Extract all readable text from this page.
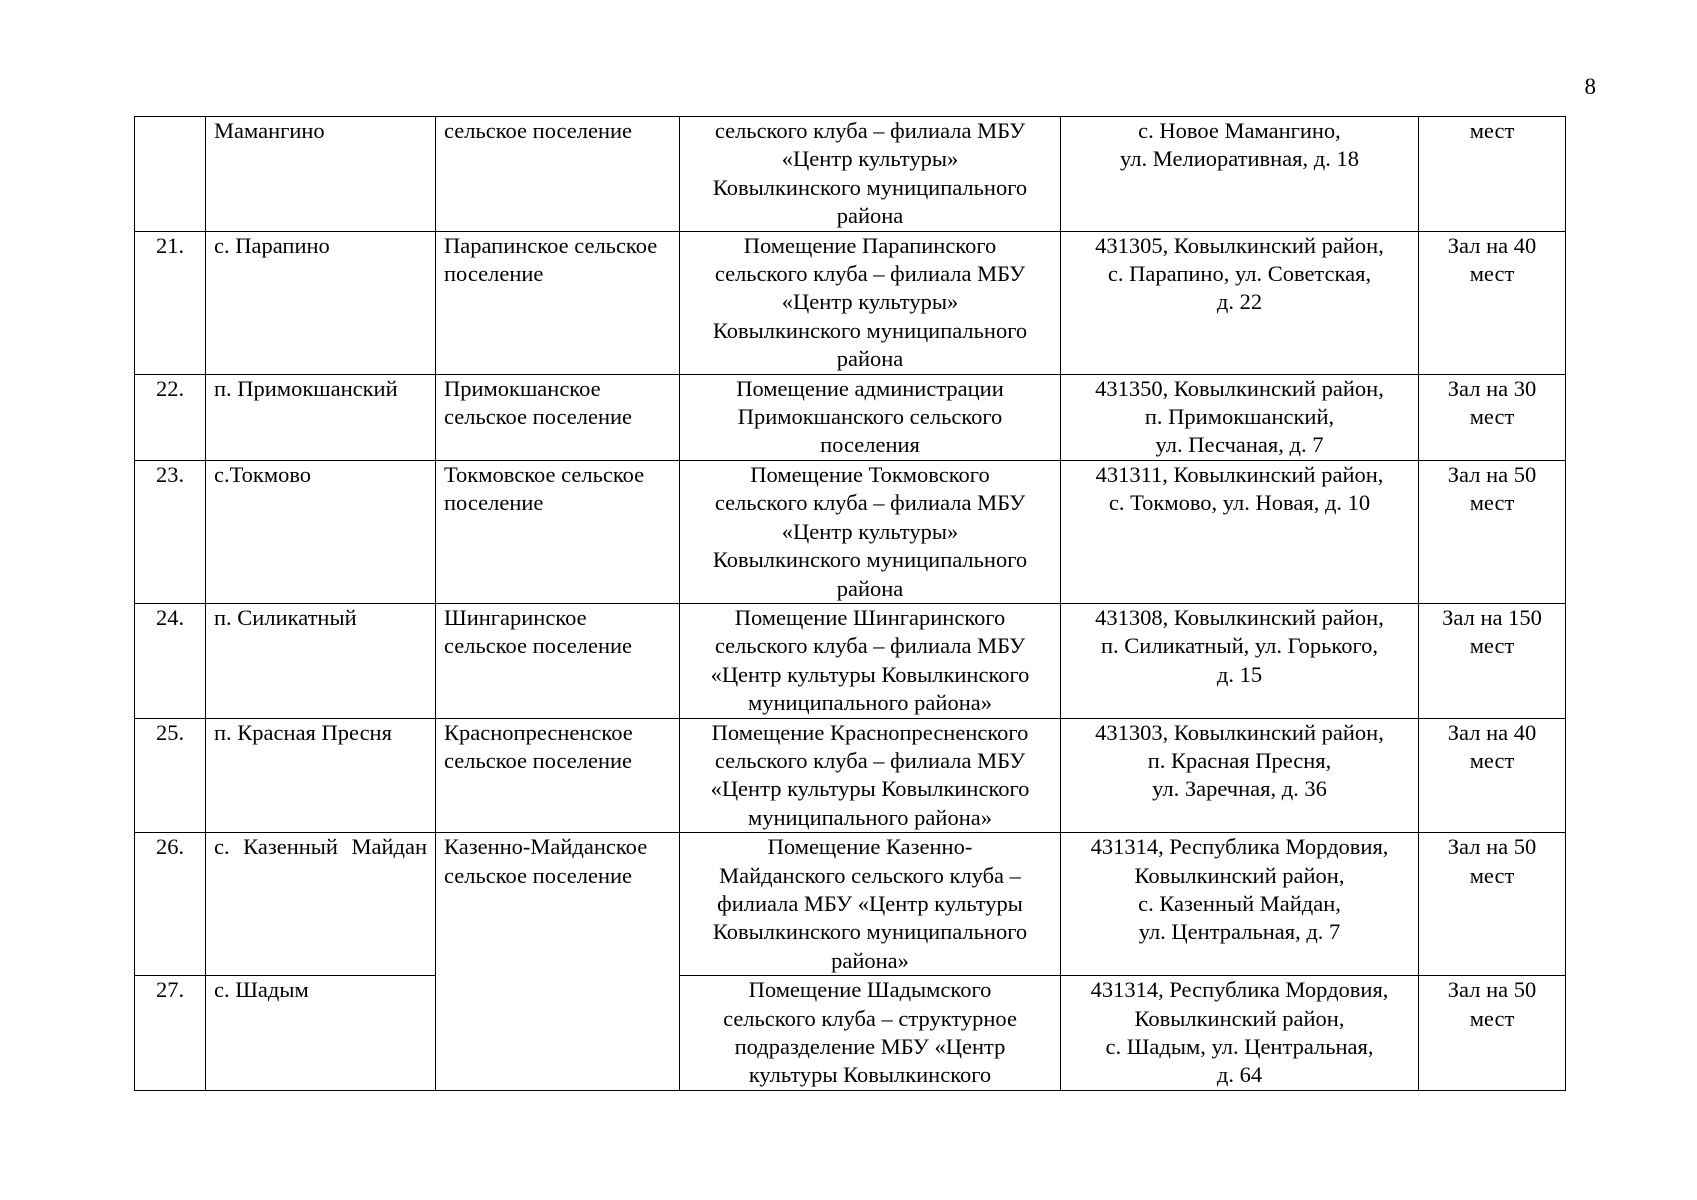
8
	Мамангино	сельское поселение	сельского клуба – филиала МБУ
«Центр культуры»
Ковылкинского муниципального
района	с. Новое Мамангино,
ул. Мелиоративная, д. 18	мест

21.	с. Парапино	Парапинское сельское поселение	Помещение Парапинского
сельского клуба – филиала МБУ
«Центр культуры»
Ковылкинского муниципального
района	431305, Ковылкинский район,
с. Парапино, ул. Советская,
д. 22	Зал на 40
мест

22.	п. Примокшанский	Примокшанское сельское поселение	Помещение администрации
Примокшанского сельского
поселения	431350, Ковылкинский район,
п. Примокшанский,
ул. Песчаная, д. 7	Зал на 30
мест

23.	с.Токмово	Токмовское сельское поселение	Помещение Токмовского
сельского клуба – филиала МБУ
«Центр культуры»
Ковылкинского муниципального
района	431311, Ковылкинский район,
с. Токмово, ул. Новая, д. 10	Зал на 50
мест

24.	п. Силикатный	Шингаринское сельское поселение	Помещение Шингаринского
сельского клуба – филиала МБУ
«Центр культуры Ковылкинского
муниципального района»	431308, Ковылкинский район,
п. Силикатный, ул. Горького,
д. 15	Зал на 150
мест

25.	п. Красная Пресня	Краснопресненское сельское поселение	Помещение Краснопресненского
сельского клуба – филиала МБУ
«Центр культуры Ковылкинского
муниципального района»	431303, Ковылкинский район,
п. Красная Пресня,
ул. Заречная, д. 36	Зал на 40
мест

26.	с. Казенный Майдан	Казенно-Майданское сельское поселение	Помещение Казенно-
Майданского сельского клуба –
филиала МБУ «Центр культуры
Ковылкинского муниципального
района»	431314, Республика Мордовия,
Ковылкинский район,
с. Казенный Майдан,
ул. Центральная, д. 7	Зал на 50
мест

27.	с. Шадым		Помещение Шадымского
сельского клуба – структурное
подразделение МБУ «Центр
культуры Ковылкинского	431314, Республика Мордовия,
Ковылкинский район,
с. Шадым, ул. Центральная,
д. 64	Зал на 50
мест
